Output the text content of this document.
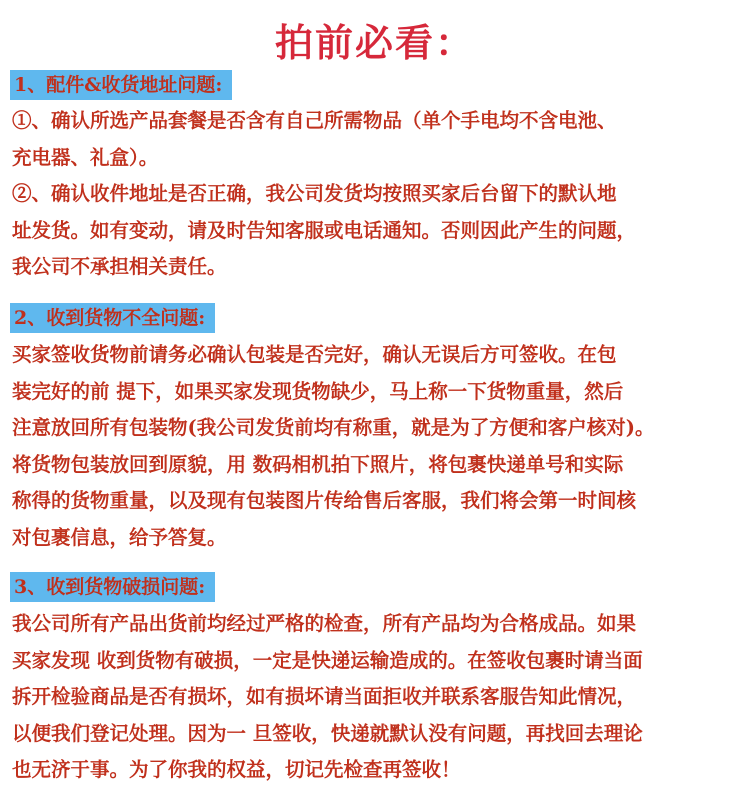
拍前必看：
1、配件&收货地址问题:

①、确认所选产品套餐是否含有自己所需物品（单个手电均不含电池、
充电器、礼盒）。

②、确认收件地址是否正确，我公司发货均按照买家后台留下的默认地
址发货。如有变动，请及时告知客服或电话通知。否则因此产生的问题，
我公司不承担相关责任。

2、收到货物不全问题:

买家签收货物前请务必确认包装是否完好，确认无误后方可签收。在包
装完好的前 提下，如果买家发现货物缺少，马上称一下货物重量，然后
注意放回所有包装物(我公司发货前均有称重，就是为了方便和客户核对)。
将货物包装放回到原貌，用 数码相机拍下照片，将包裹快递单号和实际
称得的货物重量，以及现有包装图片传给售后客服，我们将会第一时间核
对包裹信息，给予答复。

3、收到货物破损问题:

我公司所有产品出货前均经过严格的检查，所有产品均为合格成品。如果
买家发现 收到货物有破损，一定是快递运输造成的。在签收包裹时请当面
拆开检验商品是否有损坏，如有损坏请当面拒收并联系客服告知此情况，
以便我们登记处理。因为一 旦签收，快递就默认没有问题，再找回去理论
也无济于事。为了你我的权益，切记先检查再签收！
